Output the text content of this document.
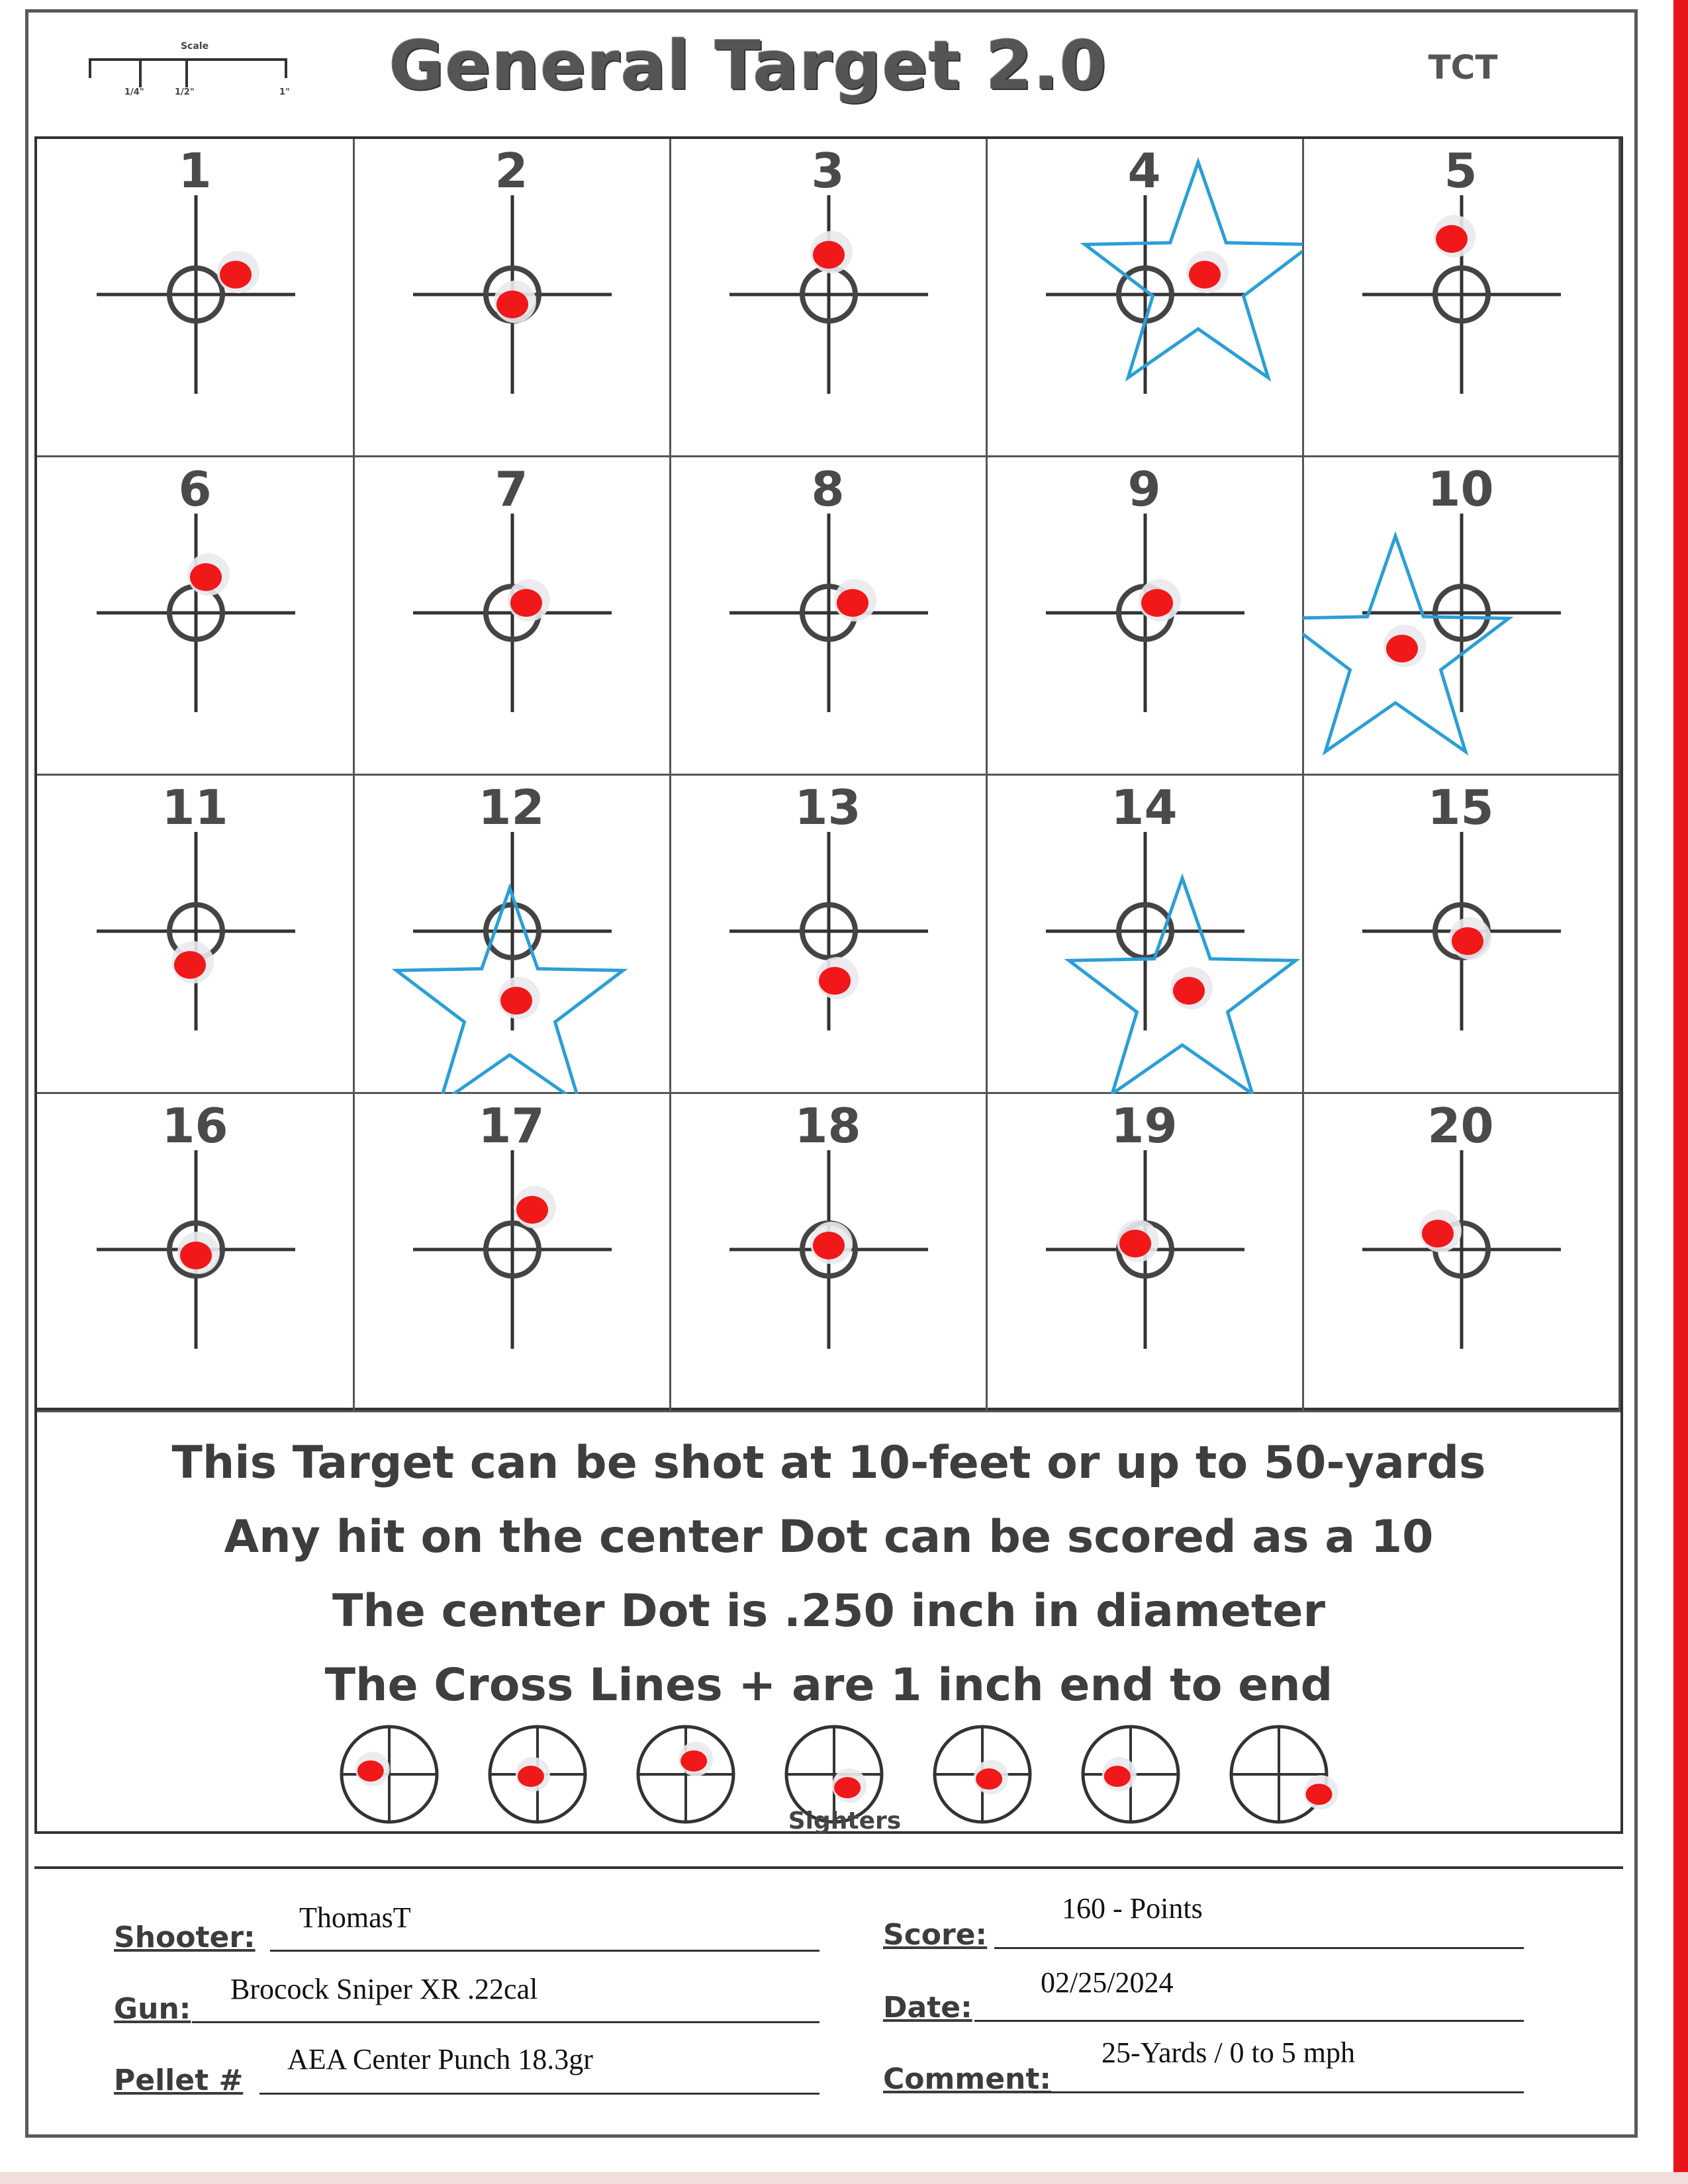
Scale
1/4"	1/2"	1"	General Target 2.0	TCT
1	2	3	4	5
6	7	8	9	10
11	12	13	14	15
16	17	18	19	20
This Target can be shot at 10-feet or up to 50-yards
Any hit on the center Dot can be scored as a 10
The center Dot is .250 inch in diameter
The Cross Lines + are 1 inch end to end
Sighters
Shooter:
ThomasT
Gun:
Brocock Sniper XR .22cal
Pellet #
AEA Center Punch 18.3gr
Score:
160 - Points
Date:
02/25/2024
Comment:
25-Yards / 0 to 5 mph
